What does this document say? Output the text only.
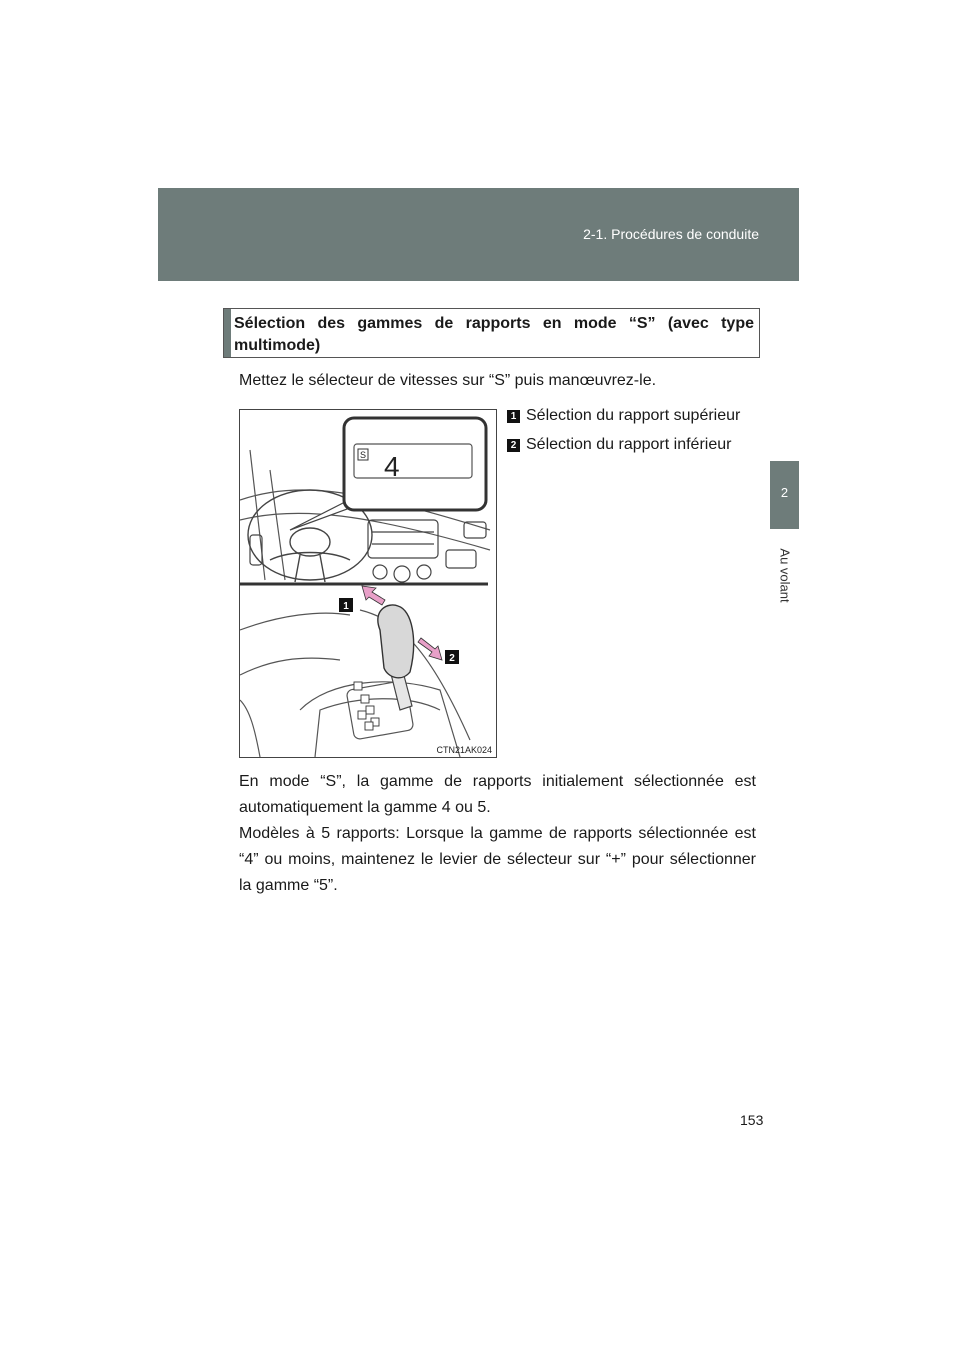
2-1. Procédures de conduite
2
Au volant
Sélection des gammes de rapports en mode “S” (avec type multimode)
Mettez le sélecteur de vitesses sur “S” puis manœuvrez-le.
1 Sélection du rapport supérieur
2 Sélection du rapport inférieur
S 4
1
2
CTN21AK024

En mode “S”, la gamme de rapports initialement sélectionnée est automatiquement la gamme 4 ou 5.

Modèles à 5 rapports: Lorsque la gamme de rapports sélectionnée est “4” ou moins, maintenez le levier de sélecteur sur “+” pour sélectionner la gamme “5”.

153
